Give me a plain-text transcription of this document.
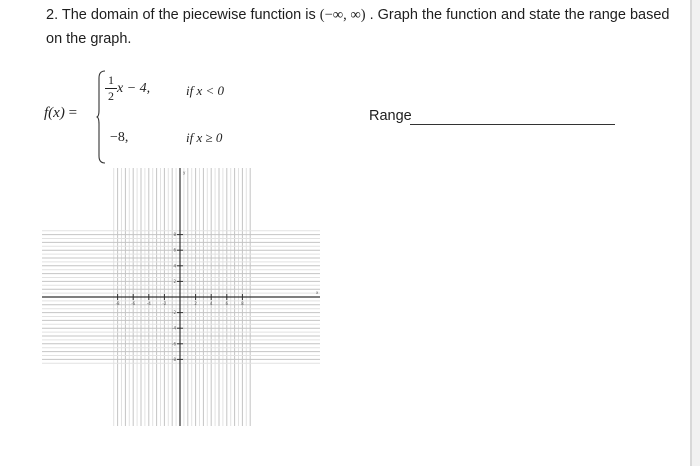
2. The domain of the piecewise function is (−∞, ∞) . Graph the function and state the range based on the graph.

f(x) =
1
2 x − 4,	if x < 0
−8,	if x ≥ 0
Range
-8	-6	-4	-2	2	4	6	8
8
6
4
2
-2
-4
-6
-8
x
y
